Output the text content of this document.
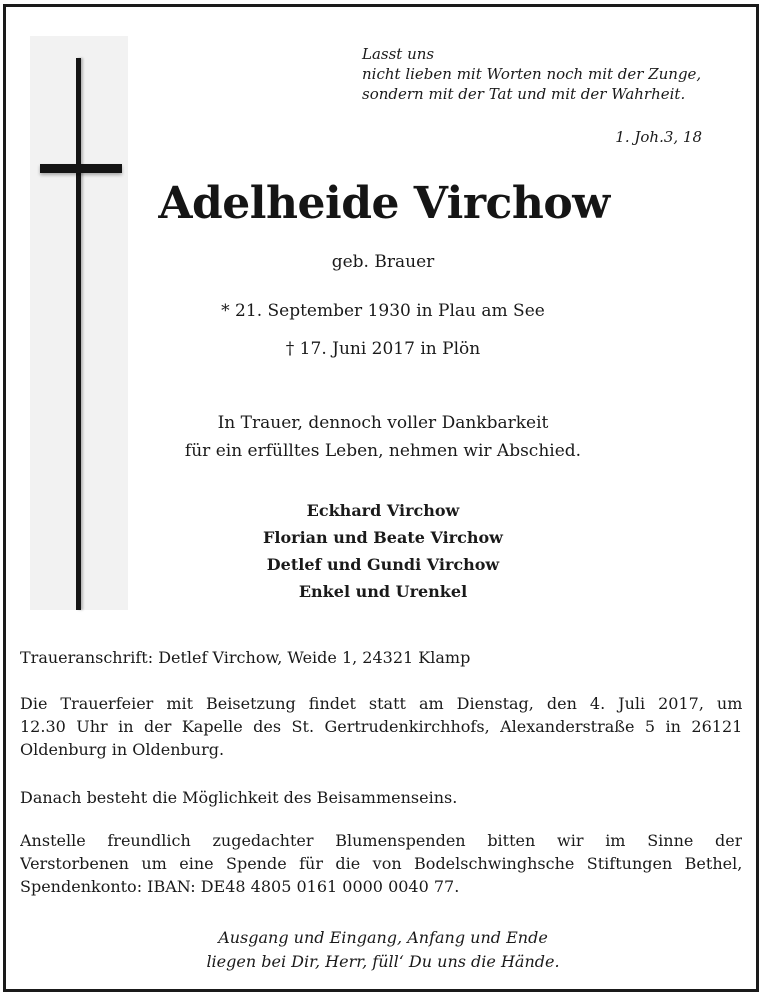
Lasst uns
nicht lieben mit Worten noch mit der Zunge,
sondern mit der Tat und mit der Wahrheit.
1. Joh.3, 18
Adelheide Virchow
geb. Brauer
* 21. September 1930 in Plau am See
† 17. Juni 2017 in Plön
In Trauer, dennoch voller Dankbarkeit
für ein erfülltes Leben, nehmen wir Abschied.
Eckhard Virchow
Florian und Beate Virchow
Detlef und Gundi Virchow
Enkel und Urenkel
Traueranschrift: Detlef Virchow, Weide 1, 24321 Klamp
Die Trauerfeier mit Beisetzung findet statt am Dienstag, den 4. Juli 2017, um
12.30 Uhr in der Kapelle des St. Gertrudenkirchhofs, Alexanderstraße 5 in 26121
Oldenburg in Oldenburg.
Danach besteht die Möglichkeit des Beisammenseins.
Anstelle freundlich zugedachter Blumenspenden bitten wir im Sinne der
Verstorbenen um eine Spende für die von Bodelschwinghsche Stiftungen Bethel,
Spendenkonto: IBAN: DE48 4805 0161 0000 0040 77.
Ausgang und Eingang, Anfang und Ende
liegen bei Dir, Herr, füll‘ Du uns die Hände.
